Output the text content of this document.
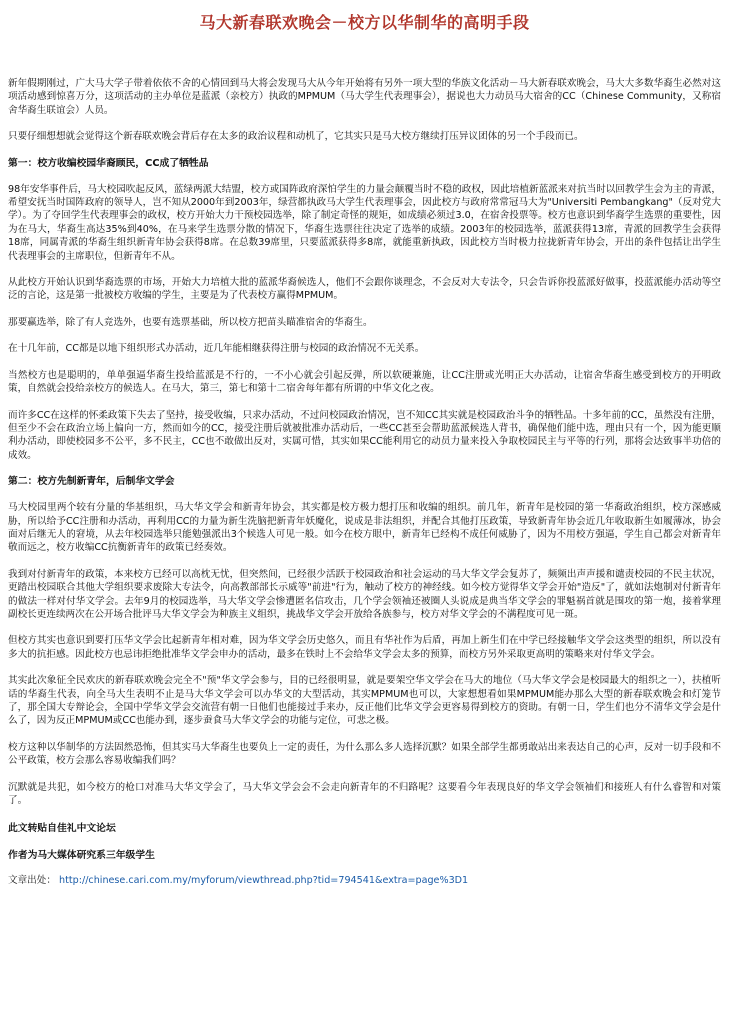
马大新春联欢晚会－校方以华制华的高明手段

新年假期刚过，广大马大学子带着依依不舍的心情回到马大将会发现马大从今年开始将有另外一项大型的华族文化活动－马大新春联欢晚会，马大大多数华裔生必然对这项活动感到惊喜万分，这项活动的主办单位是蓝派（亲校方）执政的MPMUM（马大学生代表理事会），据说也大力动员马大宿舍的CC（Chinese Community，又称宿舍华裔生联谊会）人员。

只要仔细想想就会觉得这个新春联欢晚会背后存在太多的政治议程和动机了，它其实只是马大校方继续打压异议团体的另一个手段而已。

第一：校方收编校园华裔顾民，CC成了牺牲品

98年安华事件后，马大校园吹起反风，蓝绿两派大结盟，校方或国阵政府深怕学生的力量会颠覆当时不稳的政权，因此培植新蓝派来对抗当时以回教学生会为主的青派，希望安抚当时国阵政府的领导人，岂不知从2000年到2003年，绿营都执政马大学生代表理事会，因此校方与政府常常冠马大为"Universiti Pembangkang"（反对党大学）。为了夺回学生代表理事会的政权，校方开始大力干预校园选举，除了制定奇怪的规矩，如成绩必须过3.0，在宿舍投票等。校方也意识到华裔学生选票的重要性，因为在马大，华裔生高达35%到40%，在马来学生选票分散的情况下，华裔生选票往往决定了选举的成绩。2003年的校园选举，蓝派获得13席，青派的回教学生会获得18席，同属青派的华裔生组织新青年协会获得8席。在总数39席里，只要蓝派获得多8席，就能重新执政，因此校方当时极力拉拢新青年协会，开出的条件包括让出学生代表理事会的主席职位，但新青年不从。

从此校方开始认识到华裔选票的市场，开始大力培植大批的蓝派华裔候选人，他们不会跟你谈理念，不会反对大专法令，只会告诉你投蓝派好做事，投蓝派能办活动等空泛的言论，这是第一批被校方收编的学生，主要是为了代表校方赢得MPMUM。

那要赢选举，除了有人竞选外，也要有选票基础，所以校方把苗头瞄准宿舍的华裔生。

在十几年前，CC都是以地下组织形式办活动，近几年能相继获得注册与校园的政治情况不无关系。

当然校方也是聪明的，单单强逼华裔生投给蓝派是不行的，一不小心就会引起反弹，所以软硬兼施，让CC注册或光明正大办活动，让宿舍华裔生感受到校方的开明政策，自然就会投给亲校方的候选人。在马大，第三，第七和第十二宿舍每年都有所谓的中华文化之夜。

而许多CC在这样的怀柔政策下失去了坚持，接受收编，只求办活动，不过问校园政治情况，岂不知CC其实就是校园政治斗争的牺牲品。十多年前的CC，虽然没有注册，但至少不会在政治立场上偏向一方，然而如今的CC，接受注册后就被批准办活动后，一些CC甚至会帮助蓝派候选人背书，确保他们能中选，理由只有一个，因为能更顺利办活动，即使校园多不公平，多不民主，CC也不敢做出反对，实属可惜，其实如果CC能利用它的动员力量来投入争取校园民主与平等的行列，那将会达致事半功倍的成效。

第二：校方先制新青年，后制华文学会

马大校园里两个较有分量的华基组织，马大华文学会和新青年协会，其实都是校方极力想打压和收编的组织。前几年，新青年是校园的第一华裔政治组织，校方深感威胁，所以给予CC注册和办活动，再利用CC的力量为新生洗脑把新青年妖魔化，说成是非法组织，并配合其他打压政策，导致新青年协会近几年收取新生如履薄冰，协会面对后继无人的窘境，从去年校园选举只能勉强派出3个候选人可见一般。如今在校方眼中，新青年已经构不成任何威胁了，因为不用校方强逼，学生自己都会对新青年敬而远之，校方收编CC抗衡新青年的政策已经奏效。

我到对付新青年的政策，本来校方已经可以高枕无忧，但突然间，已经很少活跃于校园政治和社会运动的马大华文学会复苏了，频频出声声援和谴责校园的不民主状况，更踏出校园联合其他大学组织要求废除大专法令，向高教部部长示威等"前进"行为，触动了校方的神经线。如今校方觉得华文学会开始"造反"了，就如法炮制对付新青年的做法一样对付华文学会。去年9月的校园选举，马大华文学会惨遭匿名信攻击，几个学会领袖还被圈人头说成是典当华文学会的罪魁祸首就是围攻的第一炮，接着掌理副校长更连续两次在公开场合批评马大华文学会为种族主义组织，挑战华文学会开放给各族参与，校方对华文学会的不满程度可见一斑。

但校方其实也意识到要打压华文学会比起新青年相对难，因为华文学会历史悠久，而且有华社作为后盾，再加上新生们在中学已经接触华文学会这类型的组织，所以没有多大的抗拒感。因此校方也忌讳拒绝批准华文学会申办的活动，最多在铁时上不会给华文学会太多的预算，而校方另外采取更高明的策略来对付华文学会。

其实此次象征全民欢庆的新春联欢晚会完全不"预"华文学会参与，目的已经很明显，就是要架空华文学会在马大的地位（马大华文学会是校园最大的组织之一），扶植听话的华裔生代表，向全马大生表明不止是马大华文学会可以办华文的大型活动，其实MPMUM也可以，大家想想看如果MPMUM能办那么大型的新春联欢晚会和灯笼节了，那全国大专辩论会，全国中学华文学会交流营有朝一日他们也能接过手来办，反正他们比华文学会更容易得到校方的资助。有朝一日，学生们也分不清华文学会是什么了，因为反正MPMUM或CC也能办到，逐步蚕食马大华文学会的功能与定位，可悲之极。

校方这种以华制华的方法固然恐怖，但其实马大华裔生也要负上一定的责任，为什么那么多人选择沉默？如果全部学生都勇敢站出来表达自己的心声，反对一切手段和不公平政策，校方会那么容易收编我们吗？

沉默就是共犯，如今校方的枪口对准马大华文学会了，马大华文学会会不会走向新青年的不归路呢？这要看今年表现良好的华文学会领袖们和接班人有什么睿智和对策了。

此文转贴自佳礼中文论坛
作者为马大媒体研究系三年级学生
文章出处： http://chinese.cari.com.my/myforum/viewthread.php?tid=794541&extra=page%3D1
